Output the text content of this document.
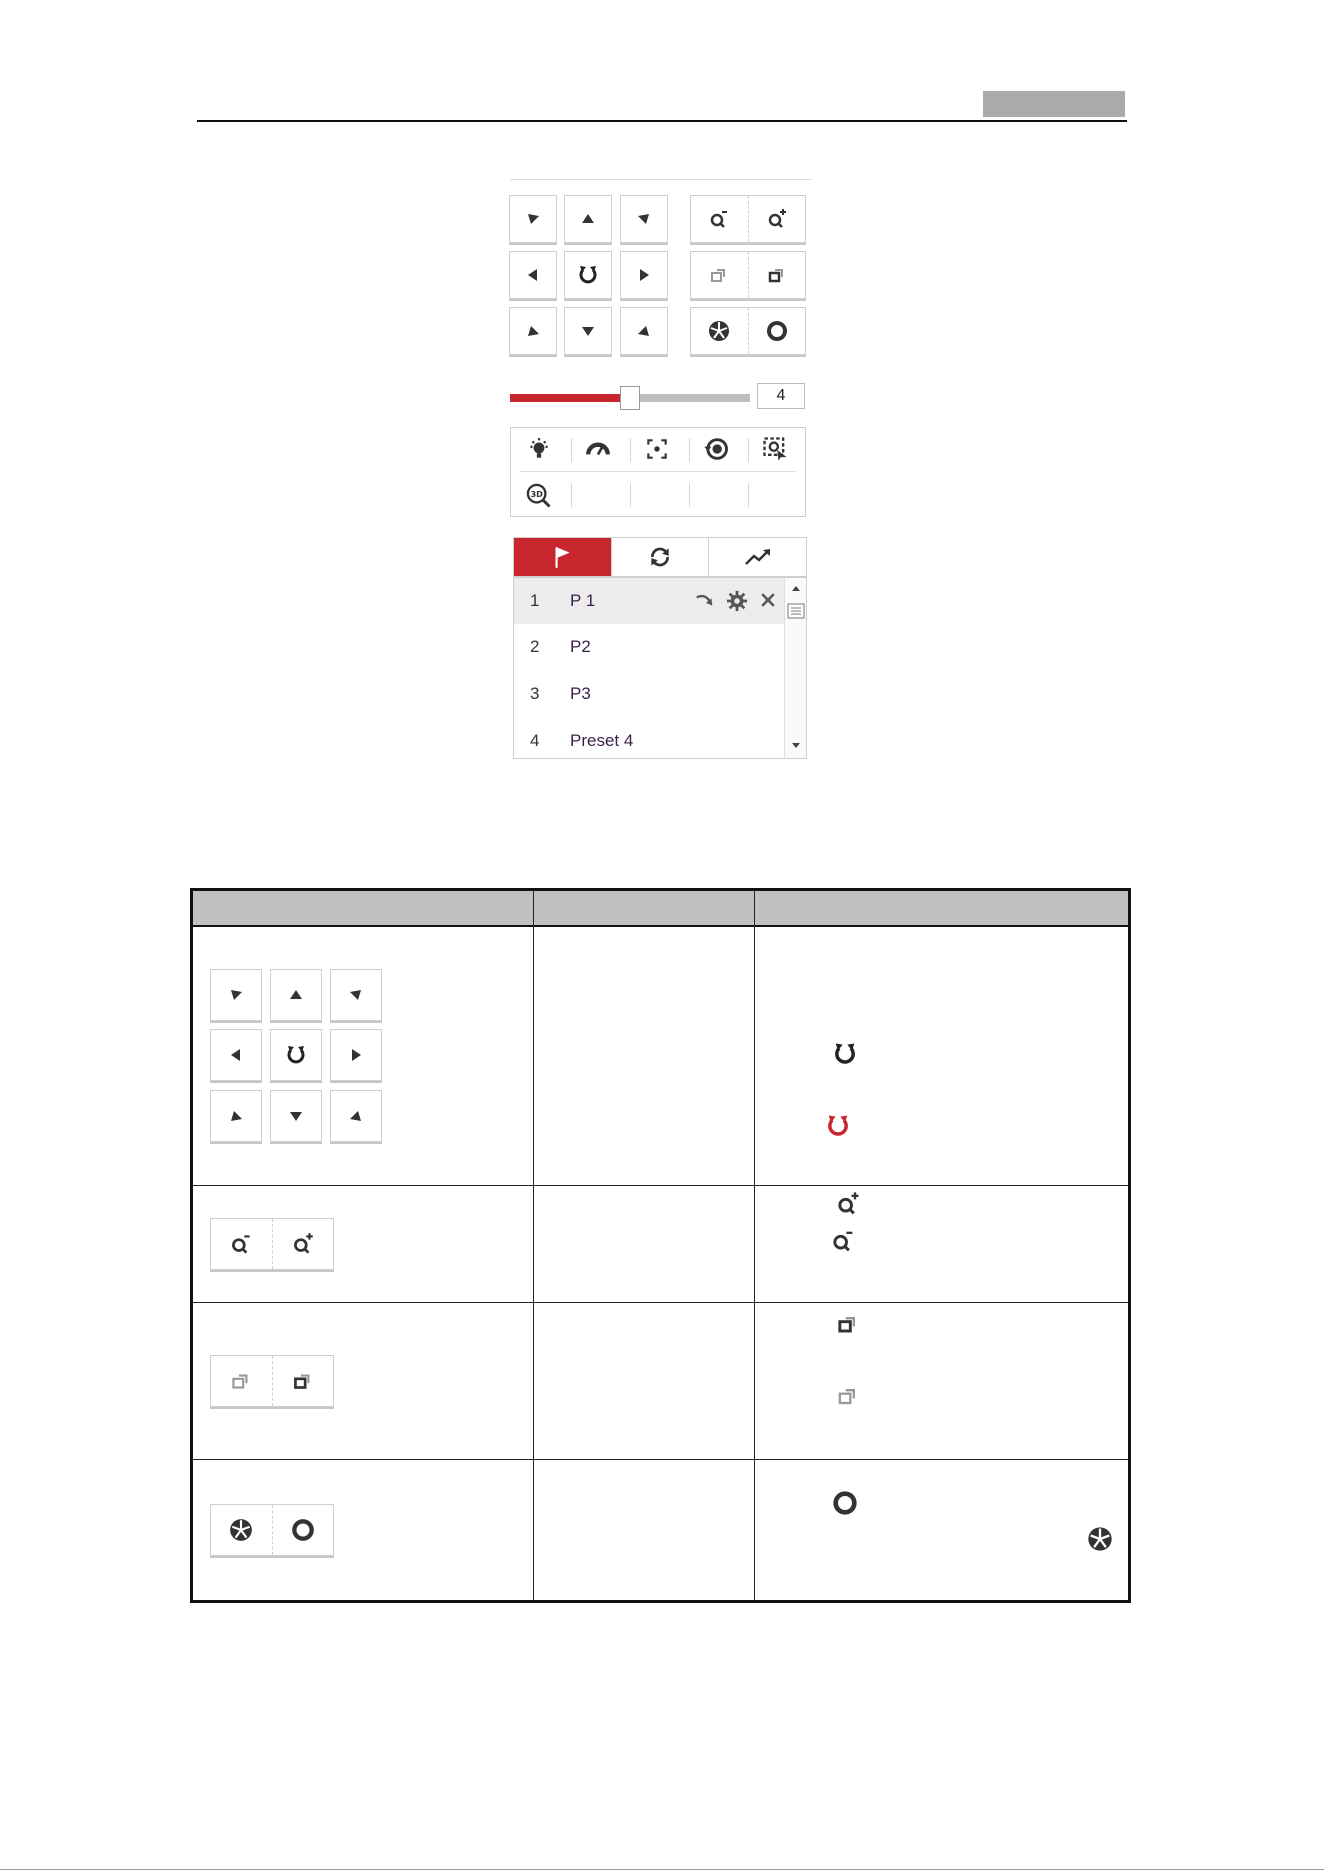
4
3D
1	P 1
2	P2
3	P3
4	Preset 4
